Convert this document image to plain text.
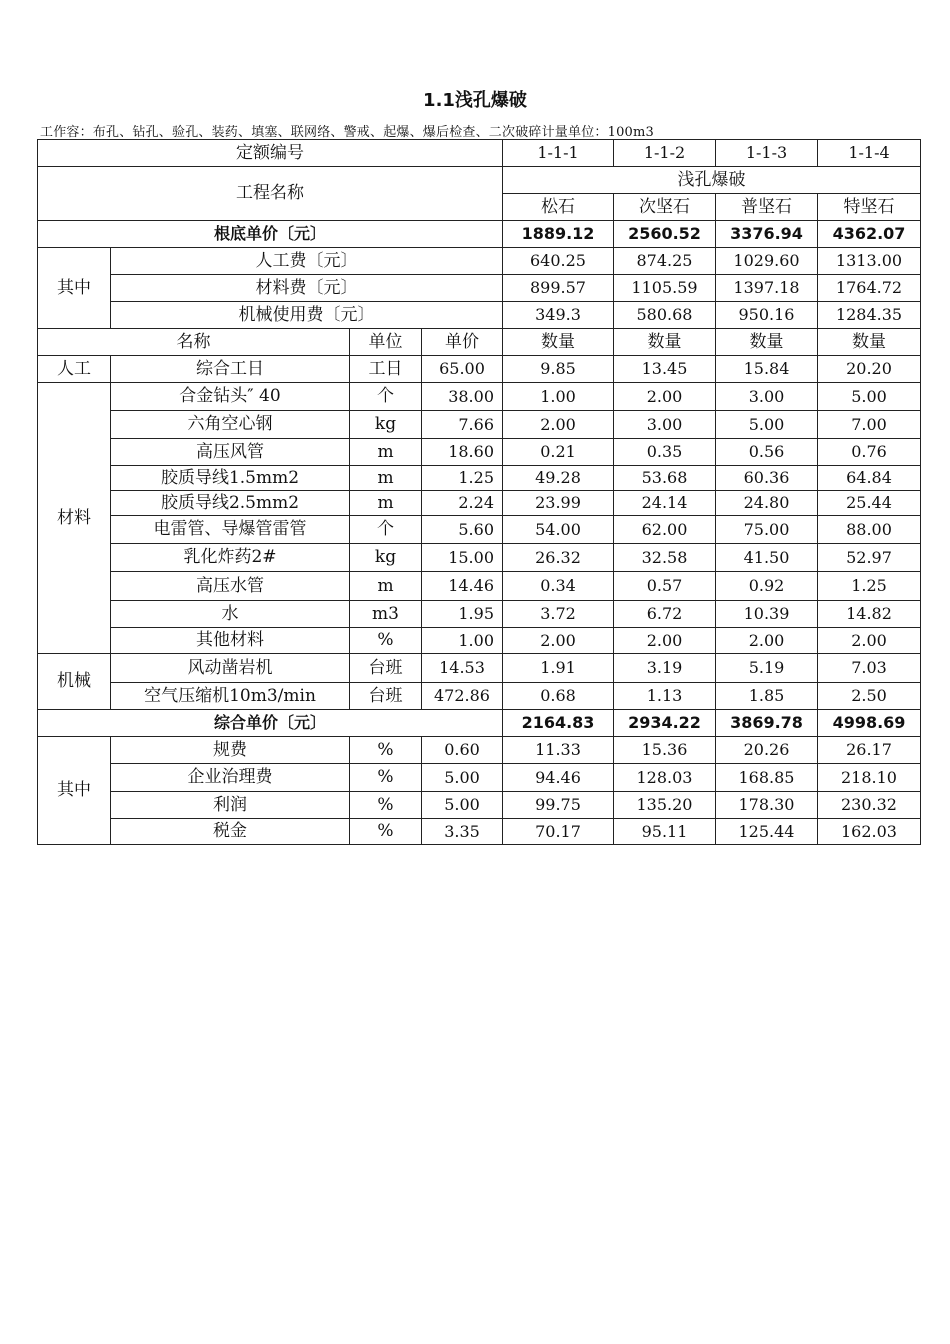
1.1浅孔爆破
工作容：布孔、钻孔、验孔、装药、填塞、联网络、警戒、起爆、爆后检查、二次破碎计量单位：100m3
定额编号				1-1-1	1-1-2	1-1-3	1-1-4
工程名称				浅孔爆破			
				松石	次坚石	普坚石	特坚石
根底单价〔元〕				1889.12	2560.52	3376.94	4362.07
其中	人工费〔元〕			640.25	874.25	1029.60	1313.00
	材料费〔元〕			899.57	1105.59	1397.18	1764.72
	机械使用费〔元〕			349.3	580.68	950.16	1284.35
名称		单位	单价	数量	数量	数量	数量
人工	综合工日	工日	65.00	9.85	13.45	15.84	20.20
材料	合金钻头″ 40	个	38.00	1.00	2.00	3.00	5.00
	六角空心钢	kg	7.66	2.00	3.00	5.00	7.00
	高压风管	m	18.60	0.21	0.35	0.56	0.76
	胶质导线1.5mm2	m	1.25	49.28	53.68	60.36	64.84
	胶质导线2.5mm2	m	2.24	23.99	24.14	24.80	25.44
	电雷管、导爆管雷管	个	5.60	54.00	62.00	75.00	88.00
	乳化炸药2#	kg	15.00	26.32	32.58	41.50	52.97
	高压水管	m	14.46	0.34	0.57	0.92	1.25
	水	m3	1.95	3.72	6.72	10.39	14.82
	其他材料	%	1.00	2.00	2.00	2.00	2.00
机械	风动凿岩机	台班	14.53	1.91	3.19	5.19	7.03
	空气压缩机10m3/min	台班	472.86	0.68	1.13	1.85	2.50
综合单价〔元〕				2164.83	2934.22	3869.78	4998.69
其中	规费	%	0.60	11.33	15.36	20.26	26.17
	企业治理费	%	5.00	94.46	128.03	168.85	218.10
	利润	%	5.00	99.75	135.20	178.30	230.32
	税金	%	3.35	70.17	95.11	125.44	162.03
